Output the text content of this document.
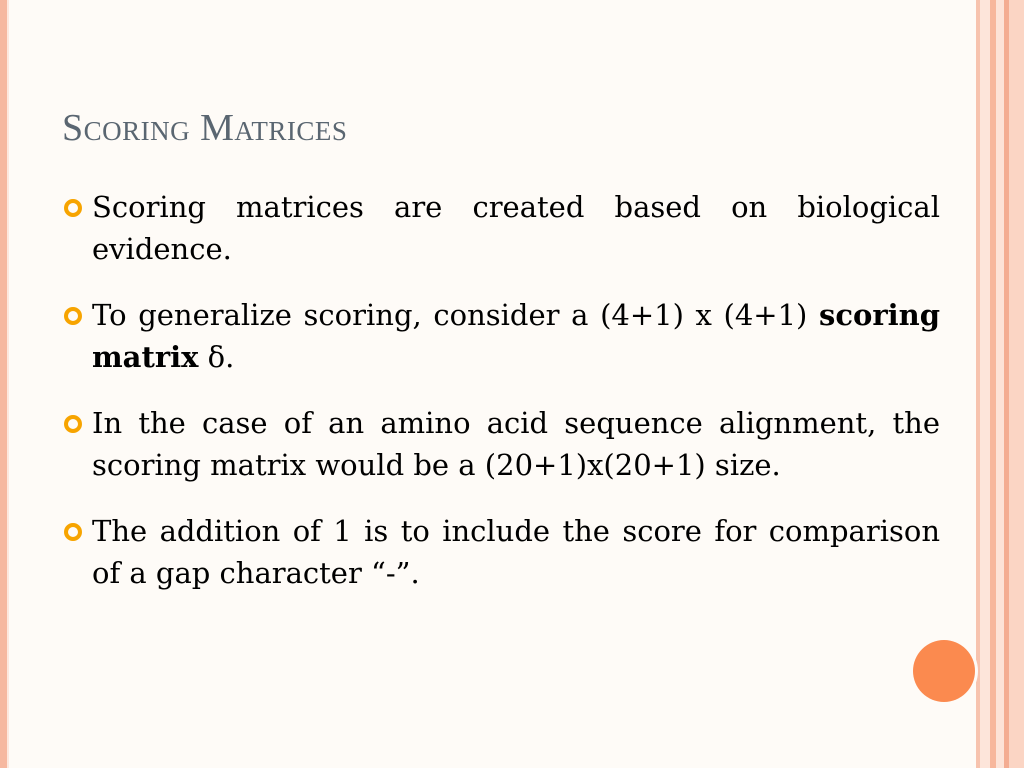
Scoring Matrices
Scoring matrices are created based on biological evidence.
To generalize scoring, consider a (4+1) x (4+1) scoring matrix δ.
In the case of an amino acid sequence alignment, the scoring matrix would be a (20+1)x(20+1) size.
The addition of 1 is to include the score for comparison of a gap character “-”.
